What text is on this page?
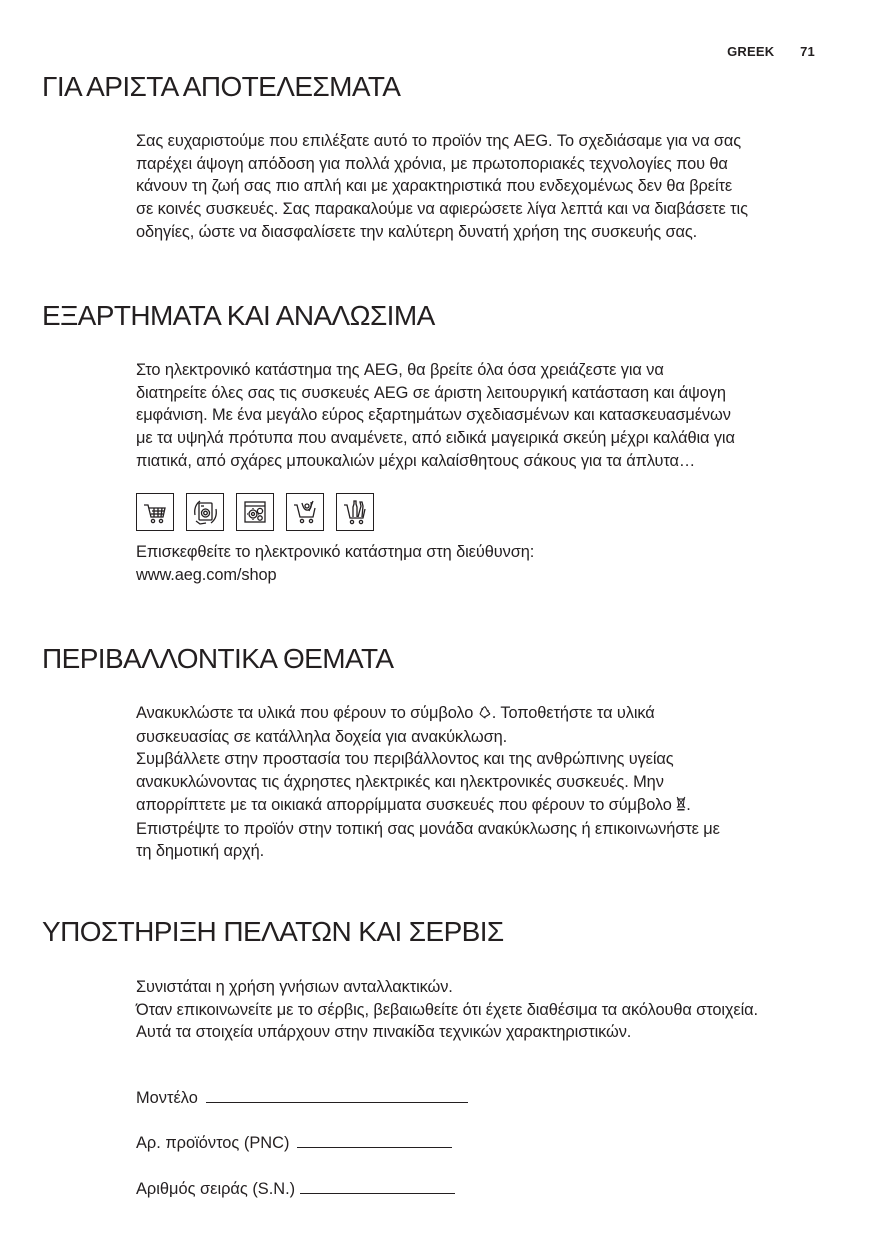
GREEK 71
ΓΙΑ ΑΡΙΣΤΑ ΑΠΟΤΕΛΕΣΜΑΤΑ

Σας ευχαριστούμε που επιλέξατε αυτό το προϊόν της AEG. Το σχεδιάσαμε για να σας

παρέχει άψογη απόδοση για πολλά χρόνια, με πρωτοποριακές τεχνολογίες που θα

κάνουν τη ζωή σας πιο απλή και με χαρακτηριστικά που ενδεχομένως δεν θα βρείτε

σε κοινές συσκευές. Σας παρακαλούμε να αφιερώσετε λίγα λεπτά και να διαβάσετε τις

οδηγίες, ώστε να διασφαλίσετε την καλύτερη δυνατή χρήση της συσκευής σας.

ΕΞΑΡΤΗΜΑΤΑ ΚΑΙ ΑΝΑΛΩΣΙΜΑ

Στο ηλεκτρονικό κατάστημα της AEG, θα βρείτε όλα όσα χρειάζεστε για να

διατηρείτε όλες σας τις συσκευές AEG σε άριστη λειτουργική κατάσταση και άψογη

εμφάνιση. Με ένα μεγάλο εύρος εξαρτημάτων σχεδιασμένων και κατασκευασμένων

με τα υψηλά πρότυπα που αναμένετε, από ειδικά μαγειρικά σκεύη μέχρι καλάθια για

πιατικά, από σχάρες μπουκαλιών μέχρι καλαίσθητους σάκους για τα άπλυτα…

Επισκεφθείτε το ηλεκτρονικό κατάστημα στη διεύθυνση:

www.aeg.com/shop

ΠΕΡΙΒΑΛΛΟΝΤΙΚΑ ΘΕΜΑΤΑ

Ανακυκλώστε τα υλικά που φέρουν το σύμβολο . Τοποθετήστε τα υλικά

συσκευασίας σε κατάλληλα δοχεία για ανακύκλωση.

Συμβάλλετε στην προστασία του περιβάλλοντος και της ανθρώπινης υγείας

ανακυκλώνοντας τις άχρηστες ηλεκτρικές και ηλεκτρονικές συσκευές. Μην

απορρίπτετε με τα οικιακά απορρίμματα συσκευές που φέρουν το σύμβολο .

Επιστρέψτε το προϊόν στην τοπική σας μονάδα ανακύκλωσης ή επικοινωνήστε με

τη δημοτική αρχή.

ΥΠΟΣΤΗΡΙΞΗ ΠΕΛΑΤΩΝ ΚΑΙ ΣΕΡΒΙΣ

Συνιστάται η χρήση γνήσιων ανταλλακτικών.

Όταν επικοινωνείτε με το σέρβις, βεβαιωθείτε ότι έχετε διαθέσιμα τα ακόλουθα στοιχεία.

Αυτά τα στοιχεία υπάρχουν στην πινακίδα τεχνικών χαρακτηριστικών.

Μοντέλο
Αρ. προϊόντος (PNC)
Αριθμός σειράς (S.N.)
